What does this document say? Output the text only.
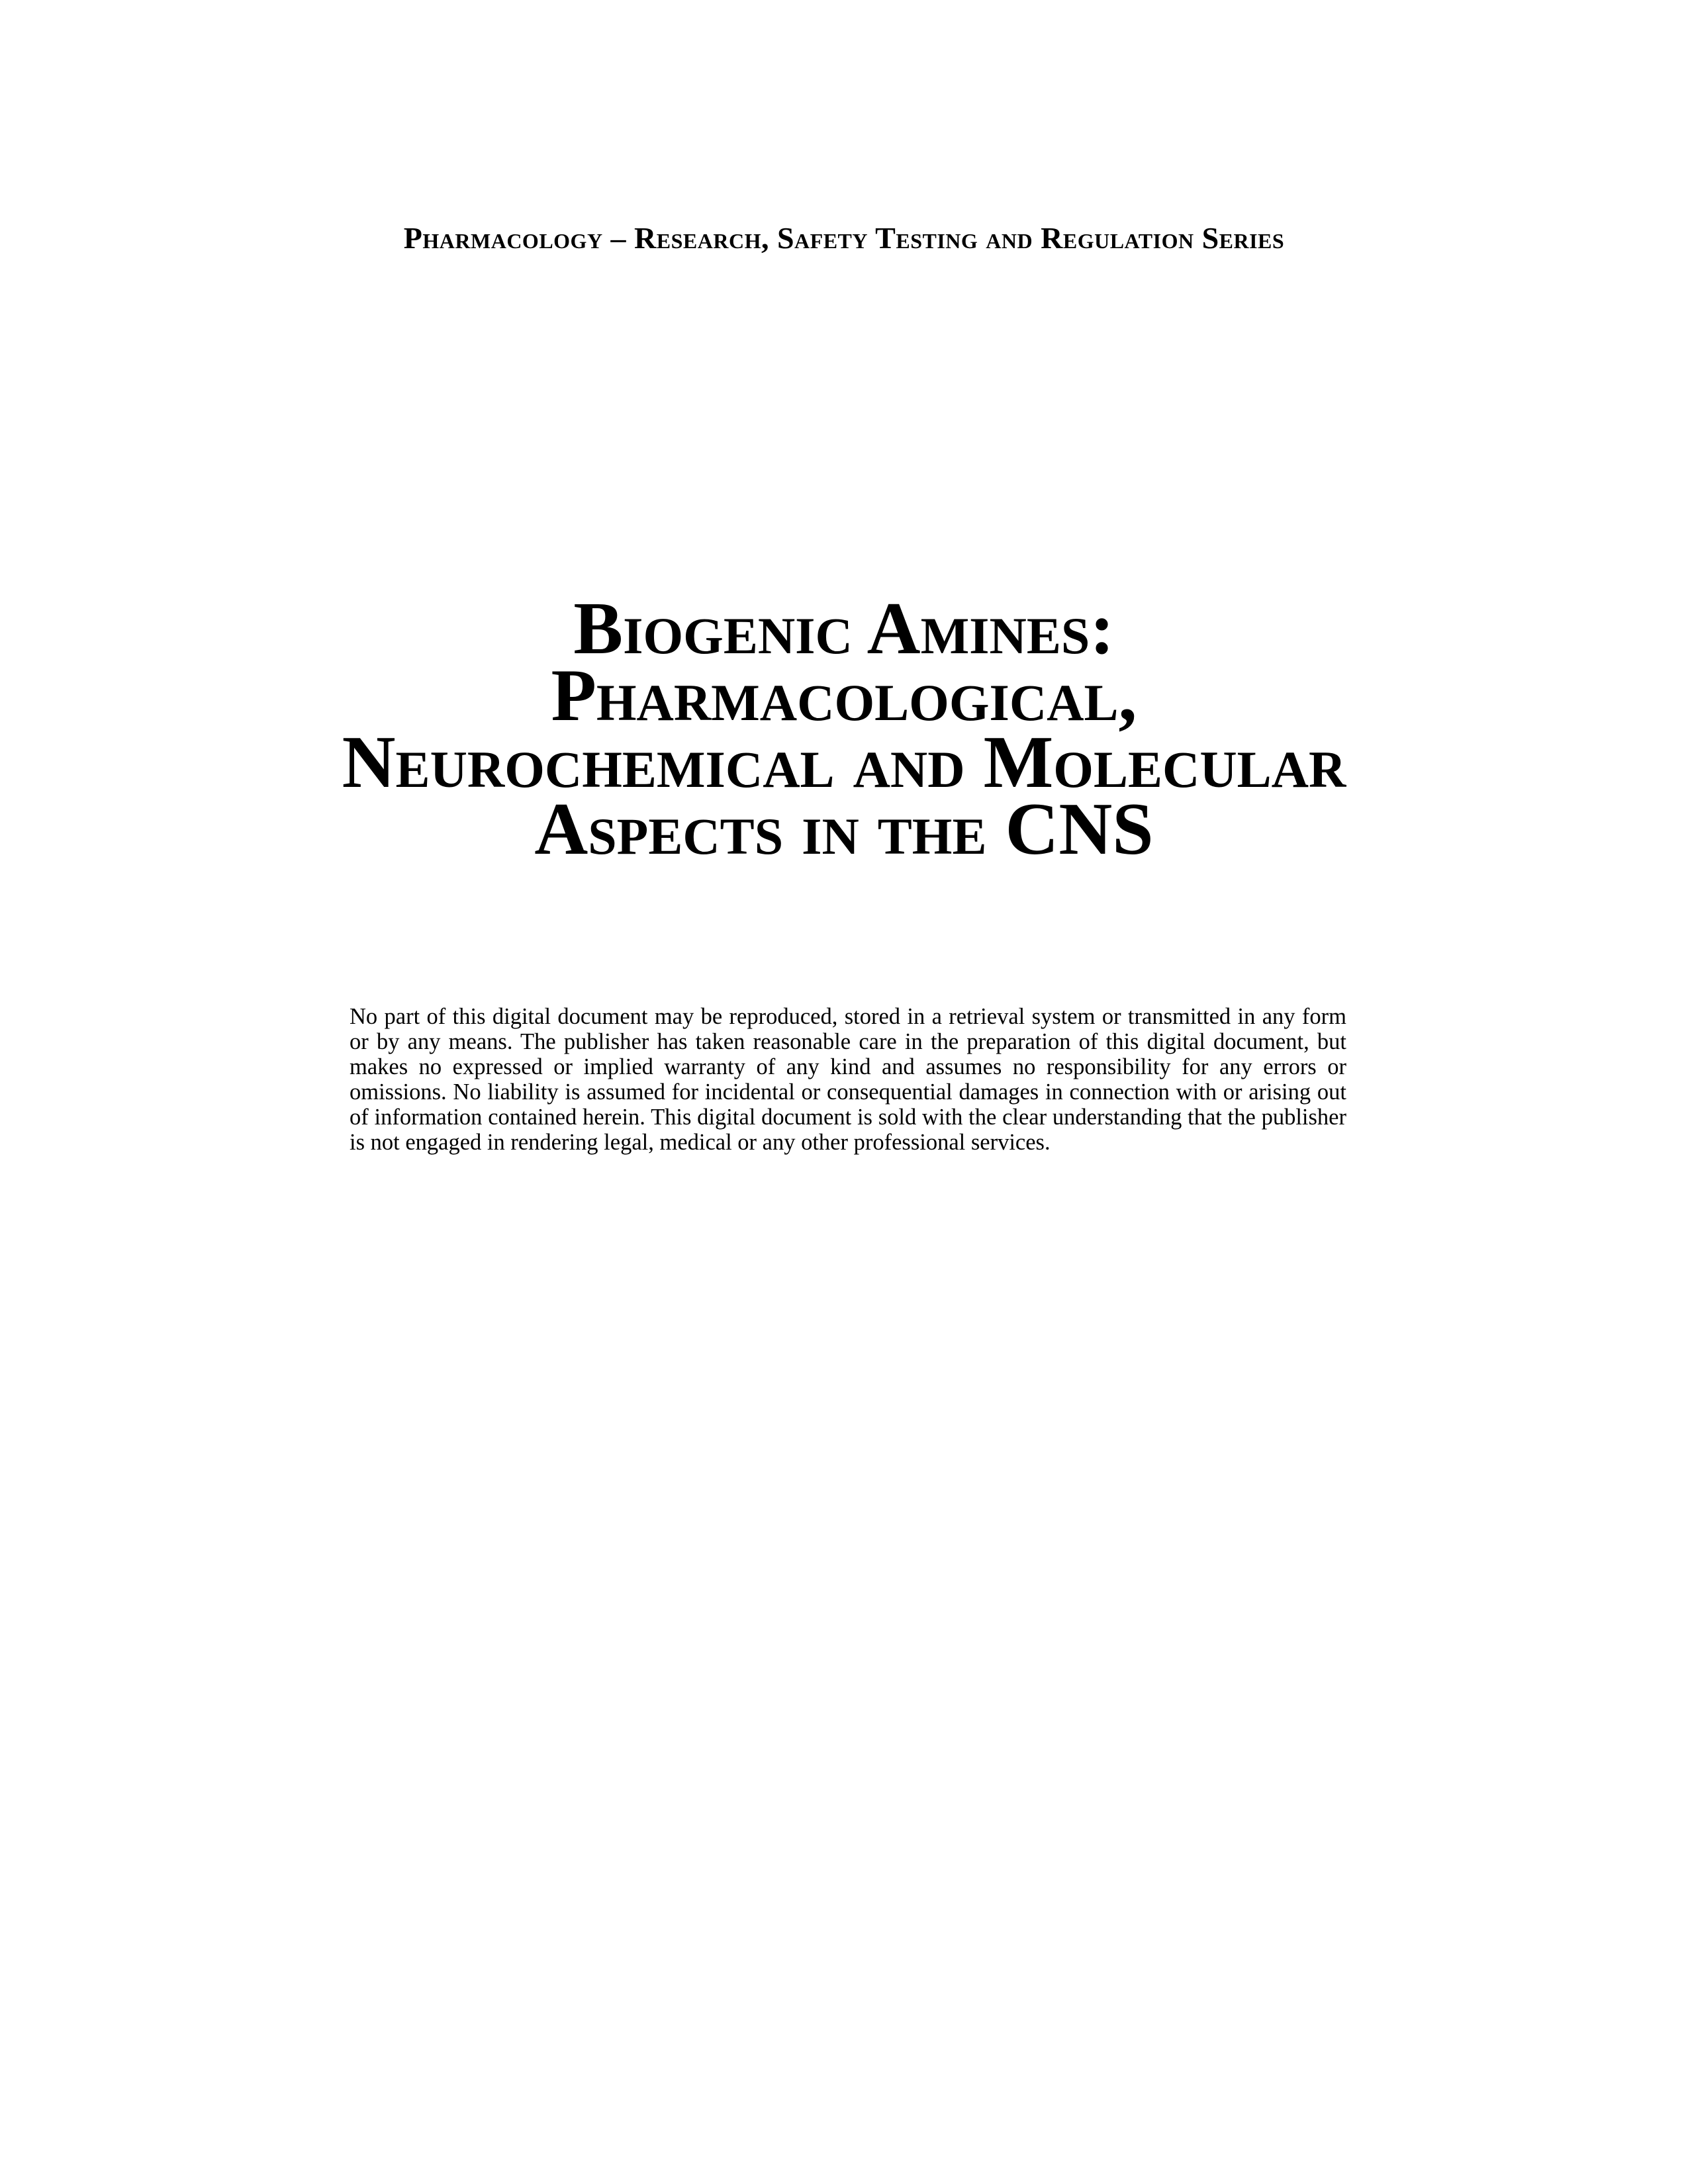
Pharmacology – Research, Safety Testing and Regulation Series
Biogenic Amines:
Pharmacological,
Neurochemical and Molecular
Aspects in the CNS

No part of this digital document may be reproduced, stored in a retrieval system or transmitted in any form or by any means. The publisher has taken reasonable care in the preparation of this digital document, but makes no expressed or implied warranty of any kind and assumes no responsibility for any errors or omissions. No liability is assumed for incidental or consequential damages in connection with or arising out of information contained herein. This digital document is sold with the clear understanding that the publisher is not engaged in rendering legal, medical or any other professional services.
